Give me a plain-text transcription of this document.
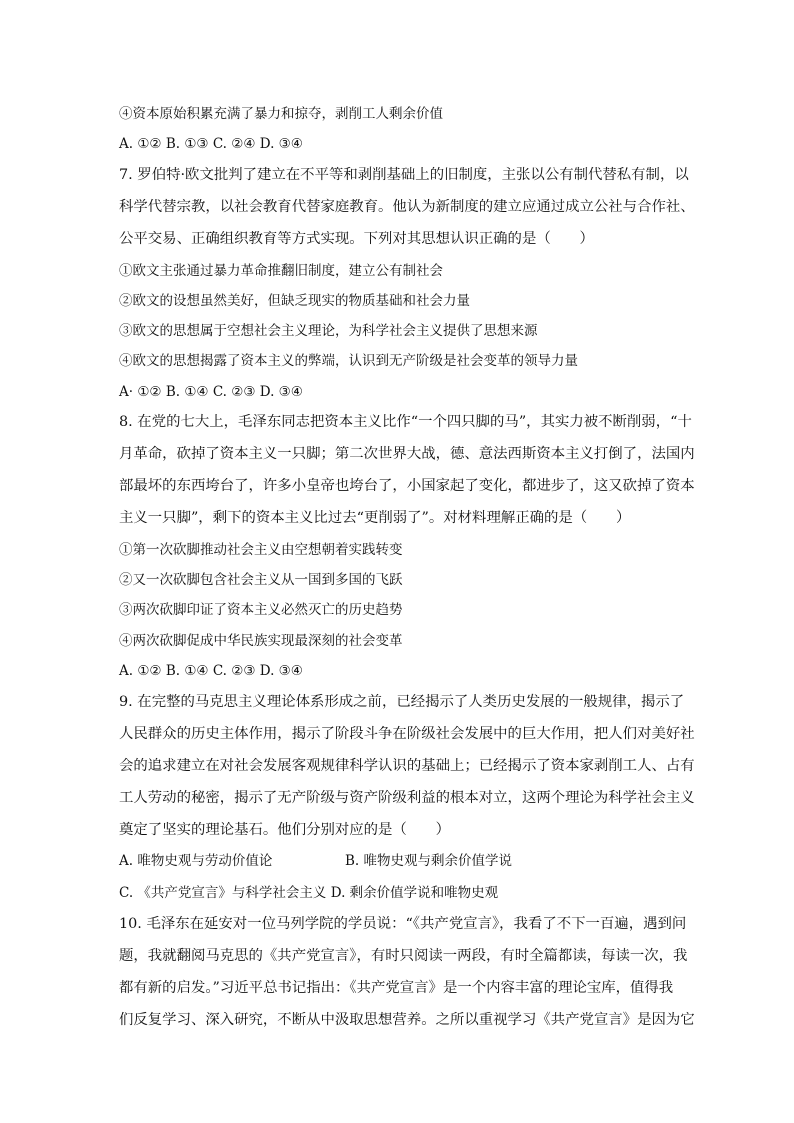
④资本原始积累充满了暴力和掠夺，剥削工人剩余价值
A. ①② B. ①③ C. ②④ D. ③④
7. 罗伯特·欧文批判了建立在不平等和剥削基础上的旧制度，主张以公有制代替私有制，以
科学代替宗教，以社会教育代替家庭教育。他认为新制度的建立应通过成立公社与合作社、
公平交易、正确组织教育等方式实现。下列对其思想认识正确的是（　　）
①欧文主张通过暴力革命推翻旧制度，建立公有制社会
②欧文的设想虽然美好，但缺乏现实的物质基础和社会力量
③欧文的思想属于空想社会主义理论，为科学社会主义提供了思想来源
④欧文的思想揭露了资本主义的弊端，认识到无产阶级是社会变革的领导力量
A· ①② B. ①④ C. ②③ D. ③④
8. 在党的七大上，毛泽东同志把资本主义比作“一个四只脚的马”，其实力被不断削弱，“十
月革命，砍掉了资本主义一只脚；第二次世界大战，德、意法西斯资本主义打倒了，法国内
部最坏的东西垮台了，许多小皇帝也垮台了，小国家起了变化，都进步了，这又砍掉了资本
主义一只脚”，剩下的资本主义比过去“更削弱了”。对材料理解正确的是（　　）
①第一次砍脚推动社会主义由空想朝着实践转变
②又一次砍脚包含社会主义从一国到多国的飞跃
③两次砍脚印证了资本主义必然灭亡的历史趋势
④两次砍脚促成中华民族实现最深刻的社会变革
A. ①② B. ①④ C. ②③ D. ③④
9. 在完整的马克思主义理论体系形成之前，已经揭示了人类历史发展的一般规律，揭示了
人民群众的历史主体作用，揭示了阶段斗争在阶级社会发展中的巨大作用，把人们对美好社
会的追求建立在对社会发展客观规律科学认识的基础上；已经揭示了资本家剥削工人、占有
工人劳动的秘密，揭示了无产阶级与资产阶级利益的根本对立，这两个理论为科学社会主义
奠定了坚实的理论基石。他们分别对应的是（　　）
A. 唯物史观与劳动价值论	B. 唯物史观与剩余价值学说
C. 《共产党宣言》与科学社会主义 D. 剩余价值学说和唯物史观
10. 毛泽东在延安对一位马列学院的学员说：“《共产党宣言》，我看了不下一百遍，遇到问
题，我就翻阅马克思的《共产党宣言》，有时只阅读一两段，有时全篇都读，每读一次，我
都有新的启发。”习近平总书记指出：《共产党宣言》是一个内容丰富的理论宝库，值得我
们反复学习、深入研究，不断从中汲取思想营养。之所以重视学习《共产党宣言》是因为它
